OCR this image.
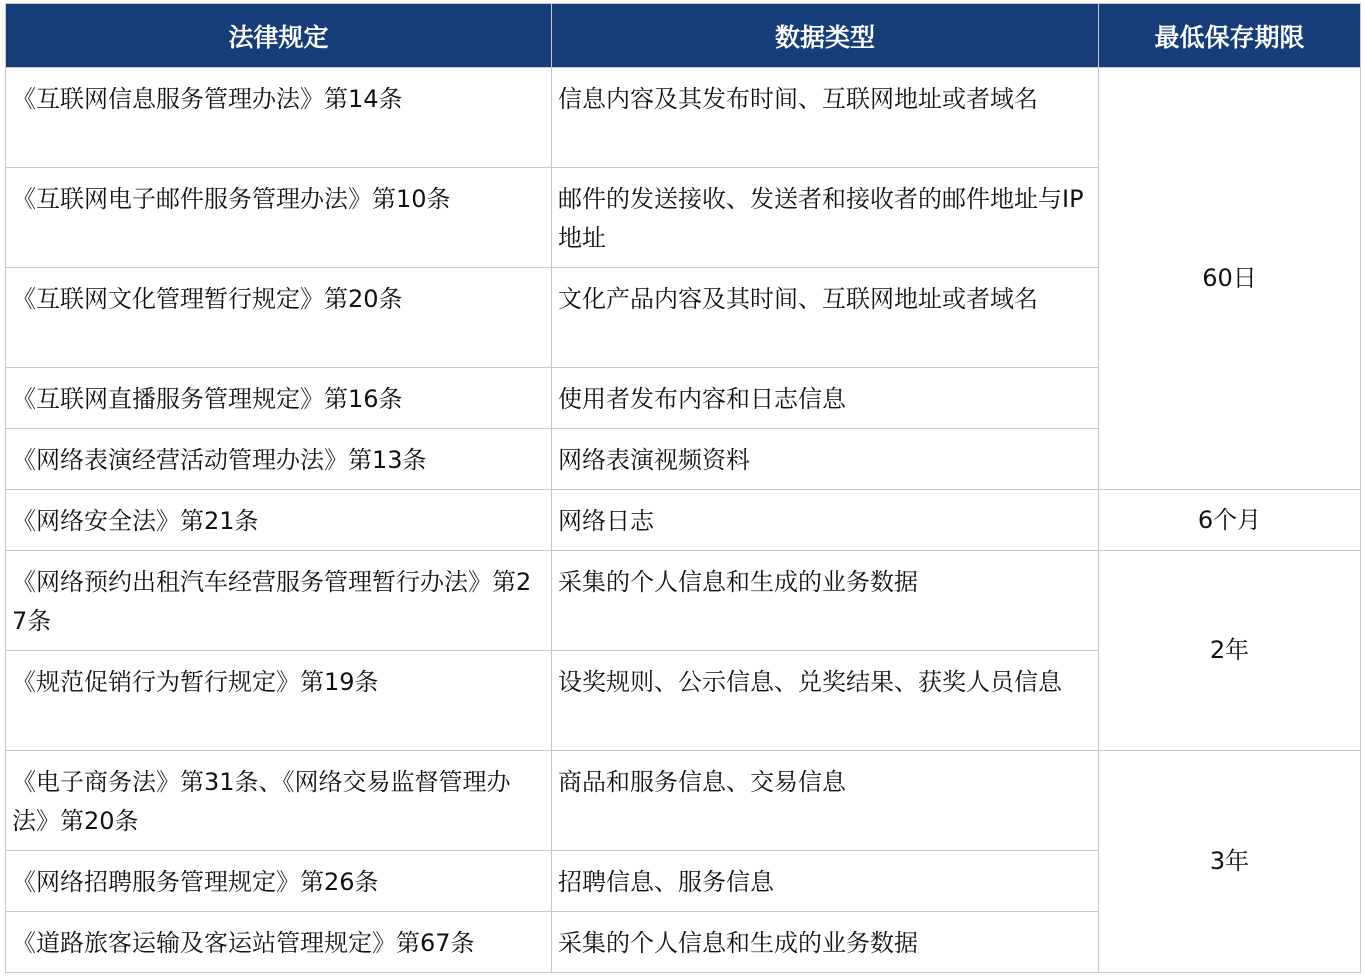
法律规定	数据类型	最低保存期限
《互联网信息服务管理办法》第14条	信息内容及其发布时间、互联网地址或者域名	60日
《互联网电子邮件服务管理办法》第10条	邮件的发送接收、发送者和接收者的邮件地址与IP地址	
《互联网文化管理暂行规定》第20条	文化产品内容及其时间、互联网地址或者域名	
《互联网直播服务管理规定》第16条	使用者发布内容和日志信息	
《网络表演经营活动管理办法》第13条	网络表演视频资料	
《网络安全法》第21条	网络日志	6个月
《网络预约出租汽车经营服务管理暂行办法》第27条	采集的个人信息和生成的业务数据	2年
《规范促销行为暂行规定》第19条	设奖规则、公示信息、兑奖结果、获奖人员信息	
《电子商务法》第31条、《网络交易监督管理办法》第20条	商品和服务信息、交易信息	3年
《网络招聘服务管理规定》第26条	招聘信息、服务信息	
《道路旅客运输及客运站管理规定》第67条	采集的个人信息和生成的业务数据	
